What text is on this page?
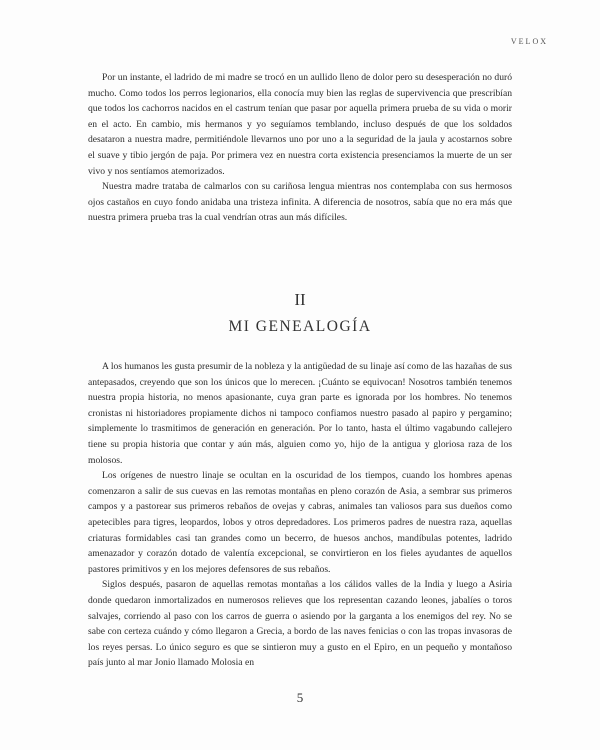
VELOX

Por un instante, el ladrido de mi madre se trocó en un aullido lleno de dolor pero su desesperación no duró mucho. Como todos los perros legionarios, ella conocía muy bien las reglas de supervivencia que prescribían que todos los cachorros nacidos en el castrum tenían que pasar por aquella primera prueba de su vida o morir en el acto. En cambio, mis hermanos y yo seguíamos temblando, incluso después de que los soldados desataron a nuestra madre, permitiéndole llevarnos uno por uno a la seguridad de la jaula y acostarnos sobre el suave y tibio jergón de paja. Por primera vez en nuestra corta existencia presenciamos la muerte de un ser vivo y nos sentíamos atemorizados.

Nuestra madre trataba de calmarlos con su cariñosa lengua mientras nos contemplaba con sus hermosos ojos castaños en cuyo fondo anidaba una tristeza infinita. A diferencia de nosotros, sabía que no era más que nuestra primera prueba tras la cual vendrían otras aun más difíciles.

II
MI GENEALOGÍA

A los humanos les gusta presumir de la nobleza y la antigüedad de su linaje así como de las hazañas de sus antepasados, creyendo que son los únicos que lo merecen. ¡Cuánto se equivocan! Nosotros también tenemos nuestra propia historia, no menos apasionante, cuya gran parte es ignorada por los hombres. No tenemos cronistas ni historiadores propiamente dichos ni tampoco confiamos nuestro pasado al papiro y pergamino; simplemente lo trasmitimos de generación en generación. Por lo tanto, hasta el último vagabundo callejero tiene su propia historia que contar y aún más, alguien como yo, hijo de la antigua y gloriosa raza de los molosos.

Los orígenes de nuestro linaje se ocultan en la oscuridad de los tiempos, cuando los hombres apenas comenzaron a salir de sus cuevas en las remotas montañas en pleno corazón de Asia, a sembrar sus primeros campos y a pastorear sus primeros rebaños de ovejas y cabras, animales tan valiosos para sus dueños como apetecibles para tigres, leopardos, lobos y otros depredadores. Los primeros padres de nuestra raza, aquellas criaturas formidables casi tan grandes como un becerro, de huesos anchos, mandíbulas potentes, ladrido amenazador y corazón dotado de valentía excepcional, se convirtieron en los fieles ayudantes de aquellos pastores primitivos y en los mejores defensores de sus rebaños.

Siglos después, pasaron de aquellas remotas montañas a los cálidos valles de la India y luego a Asiria donde quedaron inmortalizados en numerosos relieves que los representan cazando leones, jabalíes o toros salvajes, corriendo al paso con los carros de guerra o asiendo por la garganta a los enemigos del rey. No se sabe con certeza cuándo y cómo llegaron a Grecia, a bordo de las naves fenicias o con las tropas invasoras de los reyes persas. Lo único seguro es que se sintieron muy a gusto en el Epiro, en un pequeño y montañoso país junto al mar Jonio llamado Molosia en

5
